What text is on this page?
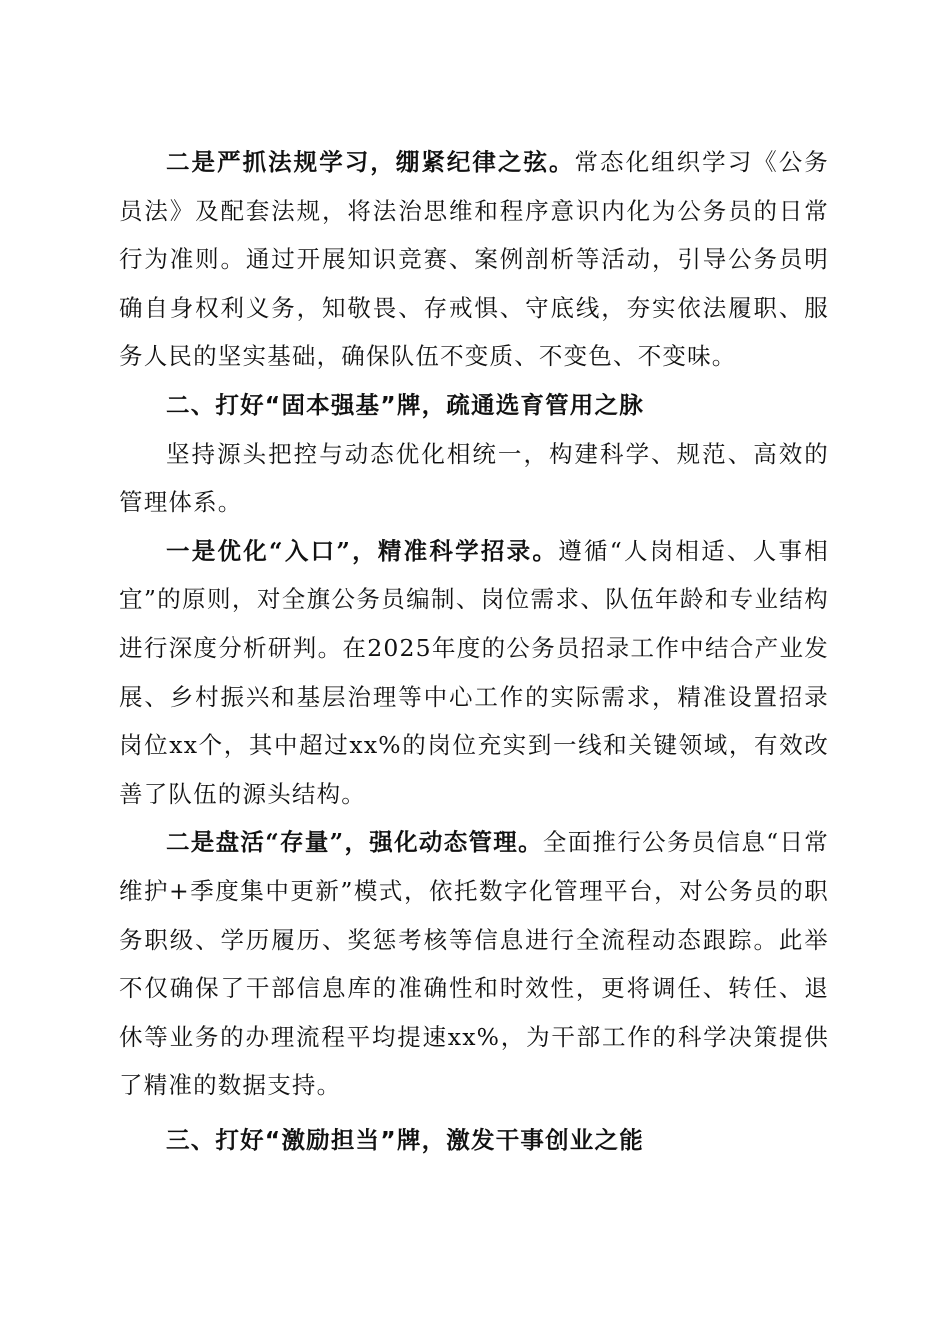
二是严抓法规学习，绷紧纪律之弦。常态化组织学习《公务员法》及配套法规，将法治思维和程序意识内化为公务员的日常行为准则。通过开展知识竞赛、案例剖析等活动，引导公务员明确自身权利义务，知敬畏、存戒惧、守底线，夯实依法履职、服务人民的坚实基础，确保队伍不变质、不变色、不变味。

二、打好“固本强基”牌，疏通选育管用之脉

坚持源头把控与动态优化相统一，构建科学、规范、高效的管理体系。

一是优化“入口”，精准科学招录。遵循“人岗相适、人事相宜”的原则，对全旗公务员编制、岗位需求、队伍年龄和专业结构进行深度分析研判。在2025年度的公务员招录工作中结合产业发展、乡村振兴和基层治理等中心工作的实际需求，精准设置招录岗位xx个，其中超过xx%的岗位充实到一线和关键领域，有效改善了队伍的源头结构。

二是盘活“存量”，强化动态管理。全面推行公务员信息“日常维护+季度集中更新”模式，依托数字化管理平台，对公务员的职务职级、学历履历、奖惩考核等信息进行全流程动态跟踪。此举不仅确保了干部信息库的准确性和时效性，更将调任、转任、退休等业务的办理流程平均提速xx%，为干部工作的科学决策提供了精准的数据支持。

三、打好“激励担当”牌，激发干事创业之能
